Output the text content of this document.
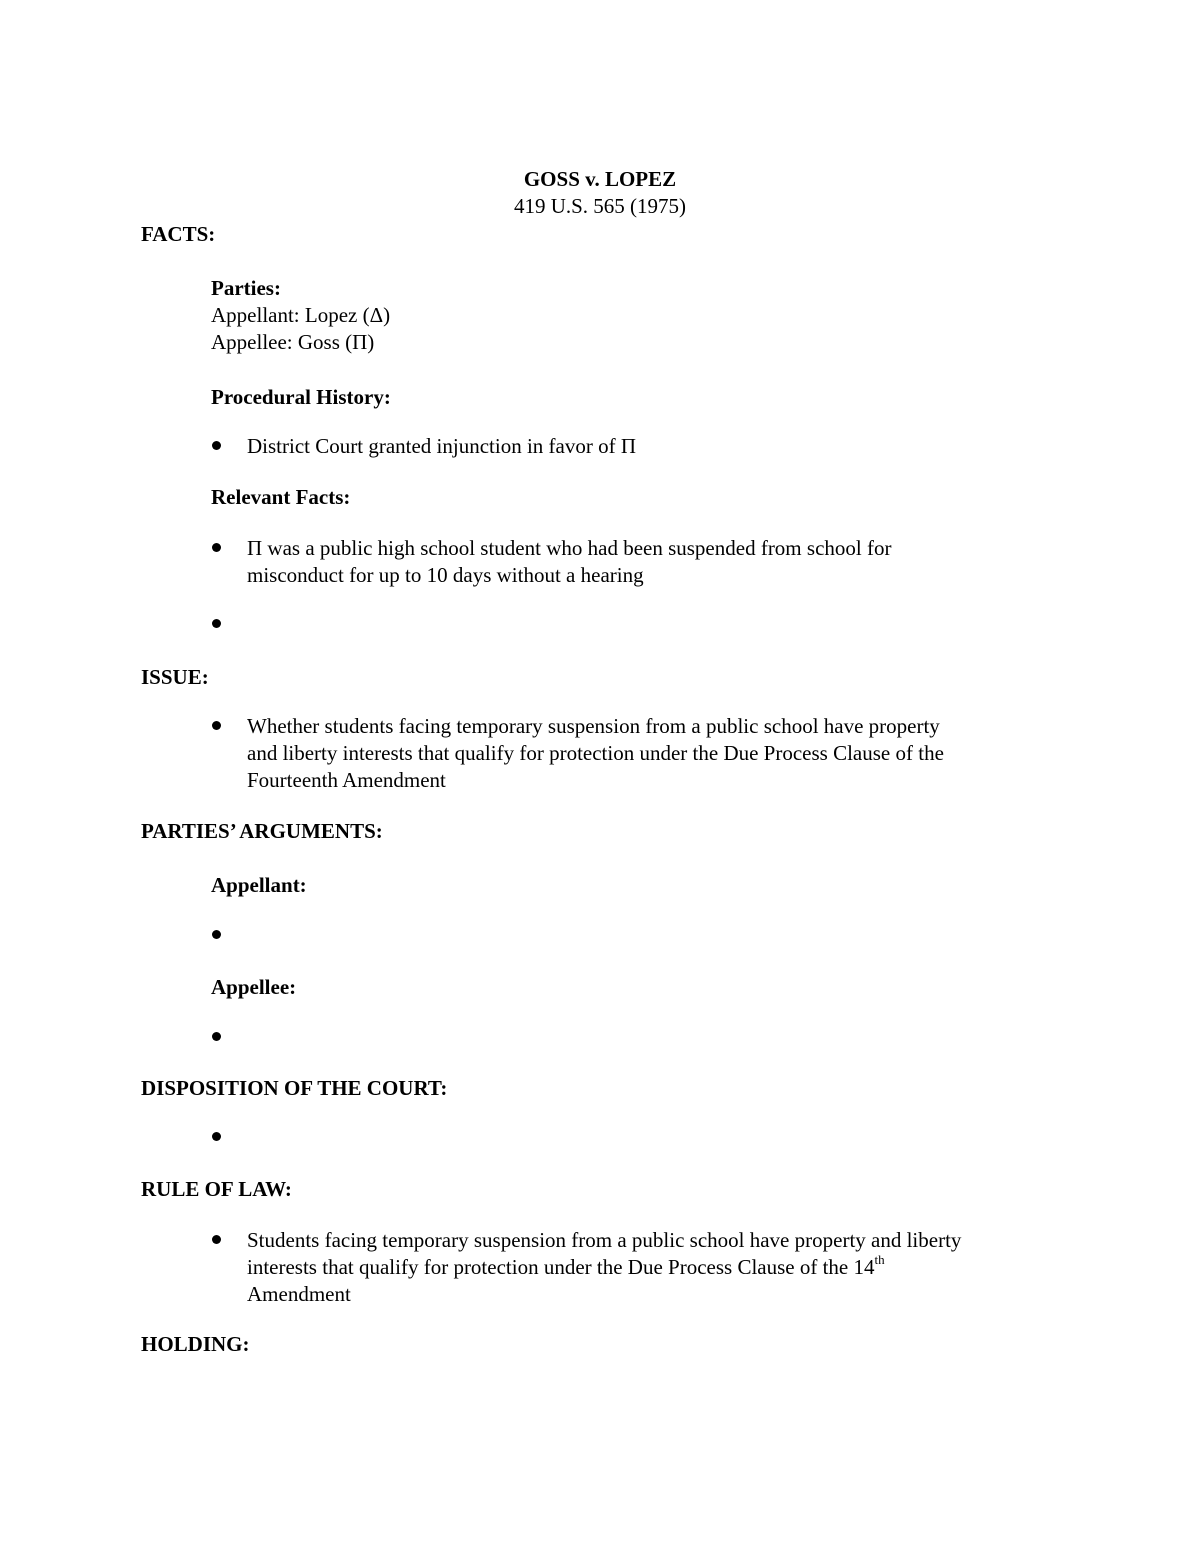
GOSS v. LOPEZ
419 U.S. 565 (1975)
FACTS:
Parties:
Appellant: Lopez (Δ)
Appellee: Goss (Π)
Procedural History:
District Court granted injunction in favor of Π
Relevant Facts:
Π was a public high school student who had been suspended from school for
misconduct for up to 10 days without a hearing
ISSUE:
Whether students facing temporary suspension from a public school have property
and liberty interests that qualify for protection under the Due Process Clause of the
Fourteenth Amendment
PARTIES’ ARGUMENTS:
Appellant:
Appellee:
DISPOSITION OF THE COURT:
RULE OF LAW:
Students facing temporary suspension from a public school have property and liberty
interests that qualify for protection under the Due Process Clause of the 14th
Amendment
HOLDING:
